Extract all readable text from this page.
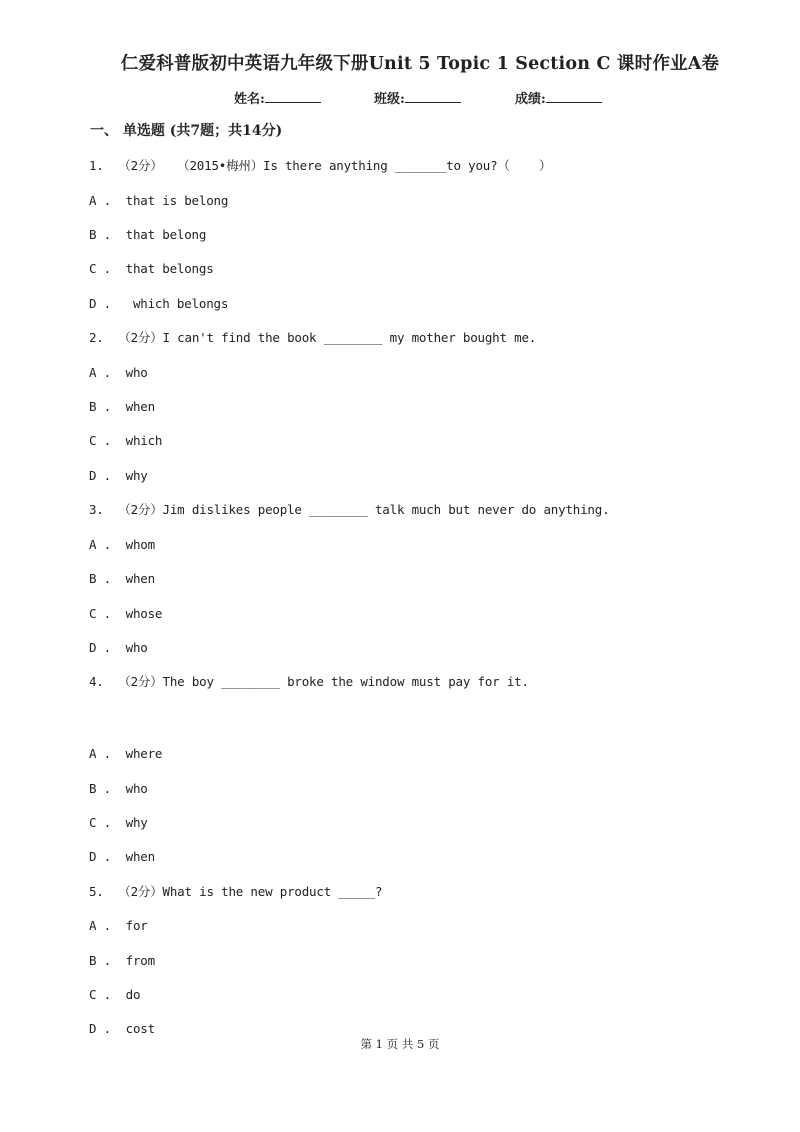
仁爱科普版初中英语九年级下册Unit 5 Topic 1 Section C 课时作业A卷
姓名:	班级:	成绩:
一、 单选题 (共7题；共14分)
1.  （2分）  （2015•梅州）Is there anything _______to you?（    ）
A .  that is belong
B .  that belong
C .  that belongs
D .   which belongs
2.  （2分）I can't find the book ________ my mother bought me.
A .  who
B .  when
C .  which
D .  why
3.  （2分）Jim dislikes people ________ talk much but never do anything.
A .  whom
B .  when
C .  whose
D .  who
4.  （2分）The boy ________ broke the window must pay for it.
A .  where
B .  who
C .  why
D .  when
5.  （2分）What is the new product _____?
A .  for
B .  from
C .  do
D .  cost
第 1 页 共 5 页
